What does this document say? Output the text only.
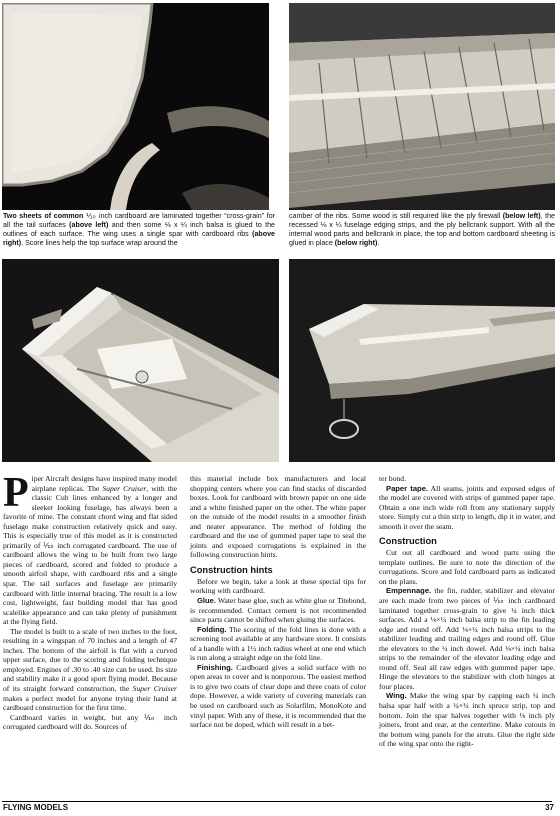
Two sheets of common ⅒ inch cardboard are laminated together “cross-grain” for all the tail surfaces (above left) and then some ⅛ x ¼ inch balsa is glued to the outlines of each surface. The wing uses a single spar with cardboard ribs (above right). Score lines help the top surface wrap around the

camber of the ribs. Some wood is still required like the ply firewall (below left), the recessed ⅛ x ¼ fuselage edging strips, and the ply bellcrank support. With all the internal wood parts and bellcrank in place, the top and bottom cardboard sheeting is glued in place (below right).

Piper Aircraft designs have inspired many model airplane replicas. The Super Cruiser, with the classic Cub lines enhanced by a longer and sleeker looking fuselage, has always been a favorite of mine. The constant chord wing and flat sided fuselage make construction relatively quick and easy. This is especially true of this model as it is constructed primarily of ⅒ inch corrugated cardboard. The use of cardboard allows the wing to be built from two large pieces of cardboard, scored and folded to produce a smooth airfoil shape, with cardboard ribs and a single spar. The tail surfaces and fuselage are primarily cardboard with little internal bracing. The result is a low cost, lightweight, fast building model that has good scalelike appearance and can take plenty of punishment at the flying field.

The model is built to a scale of two inches to the foot, resulting in a wingspan of 70 inches and a length of 47 inches. The bottom of the airfoil is flat with a curved upper surface, due to the scoring and folding technique employed. Engines of .30 to .40 size can be used. Its size and stability make it a good sport flying model. Because of its straight forward construction, the Super Cruiser makes a perfect model for anyone trying their hand at cardboard construction for the first time.

Cardboard varies in weight, but any ⅒ inch corrugated cardboard will do. Sources of

this material include box manufacturers and local shopping centers where you can find stacks of discarded boxes. Look for cardboard with brown paper on one side and a white finished paper on the other. The white paper on the outside of the model results in a smoother finish and neater appearance. The method of folding the cardboard and the use of gummed paper tape to seal the joints and exposed corrugations is explained in the following construction hints.

Construction hints

Before we begin, take a look at these special tips for working with cardboard.

Glue. Water base glue, such as white glue or Titebond, is recommended. Contact cement is not recommended since parts cannot be shifted when gluing the surfaces.

Folding. The scoring of the fold lines is done with a screening tool available at any hardware store. It consists of a handle with a 1½ inch radius wheel at one end which is run along a straight edge on the fold line.

Finishing. Cardboard gives a solid surface with no open areas to cover and is nonporous. The easiest method is to give two coats of clear dope and three coats of color dope. However, a wide variety of covering materials can be used on cardboard such as Solarfilm, MonoKote and vinyl paper. With any of these, it is recommended that the surface not be doped, which will result in a bet-

ter bond.

Paper tape. All seams, joints and exposed edges of the model are covered with strips of gummed paper tape. Obtain a one inch wide roll from any stationary supply store. Simply cut a thin strip to length, dip it in water, and smooth it over the seam.

Construction

Cut out all cardboard and wood parts using the template outlines. Be sure to note the direction of the corrugations. Score and fold cardboard parts as indicated on the plans.

Empennage. the fin, rudder, stabilizer and elevator are each made from two pieces of ⅒ inch cardboard laminated together cross-grain to give ¼ inch thick surfaces. Add a ⅛×¼ inch balsa strip to the fin leading edge and round off. Add ⅛×¼ inch balsa strips to the stabilizer leading and trailing edges and round off. Glue the elevators to the ¼ inch dowel. Add ⅛×¼ inch balsa strips to the remainder of the elevator leading edge and round off. Seal all raw edges with gummed paper tape. Hinge the elevators to the stabilizer with cloth hinges at four places.

Wing. Make the wing spar by capping each ¼ inch balsa spar half with a ¼×¼ inch spruce strip, top and bottom. Join the spar halves together with ⅛ inch ply joiners, front and rear, at the centerline. Make cutouts in the bottom wing panels for the struts. Glue the right side of the wing spar onto the right-

FLYING MODELS	37
